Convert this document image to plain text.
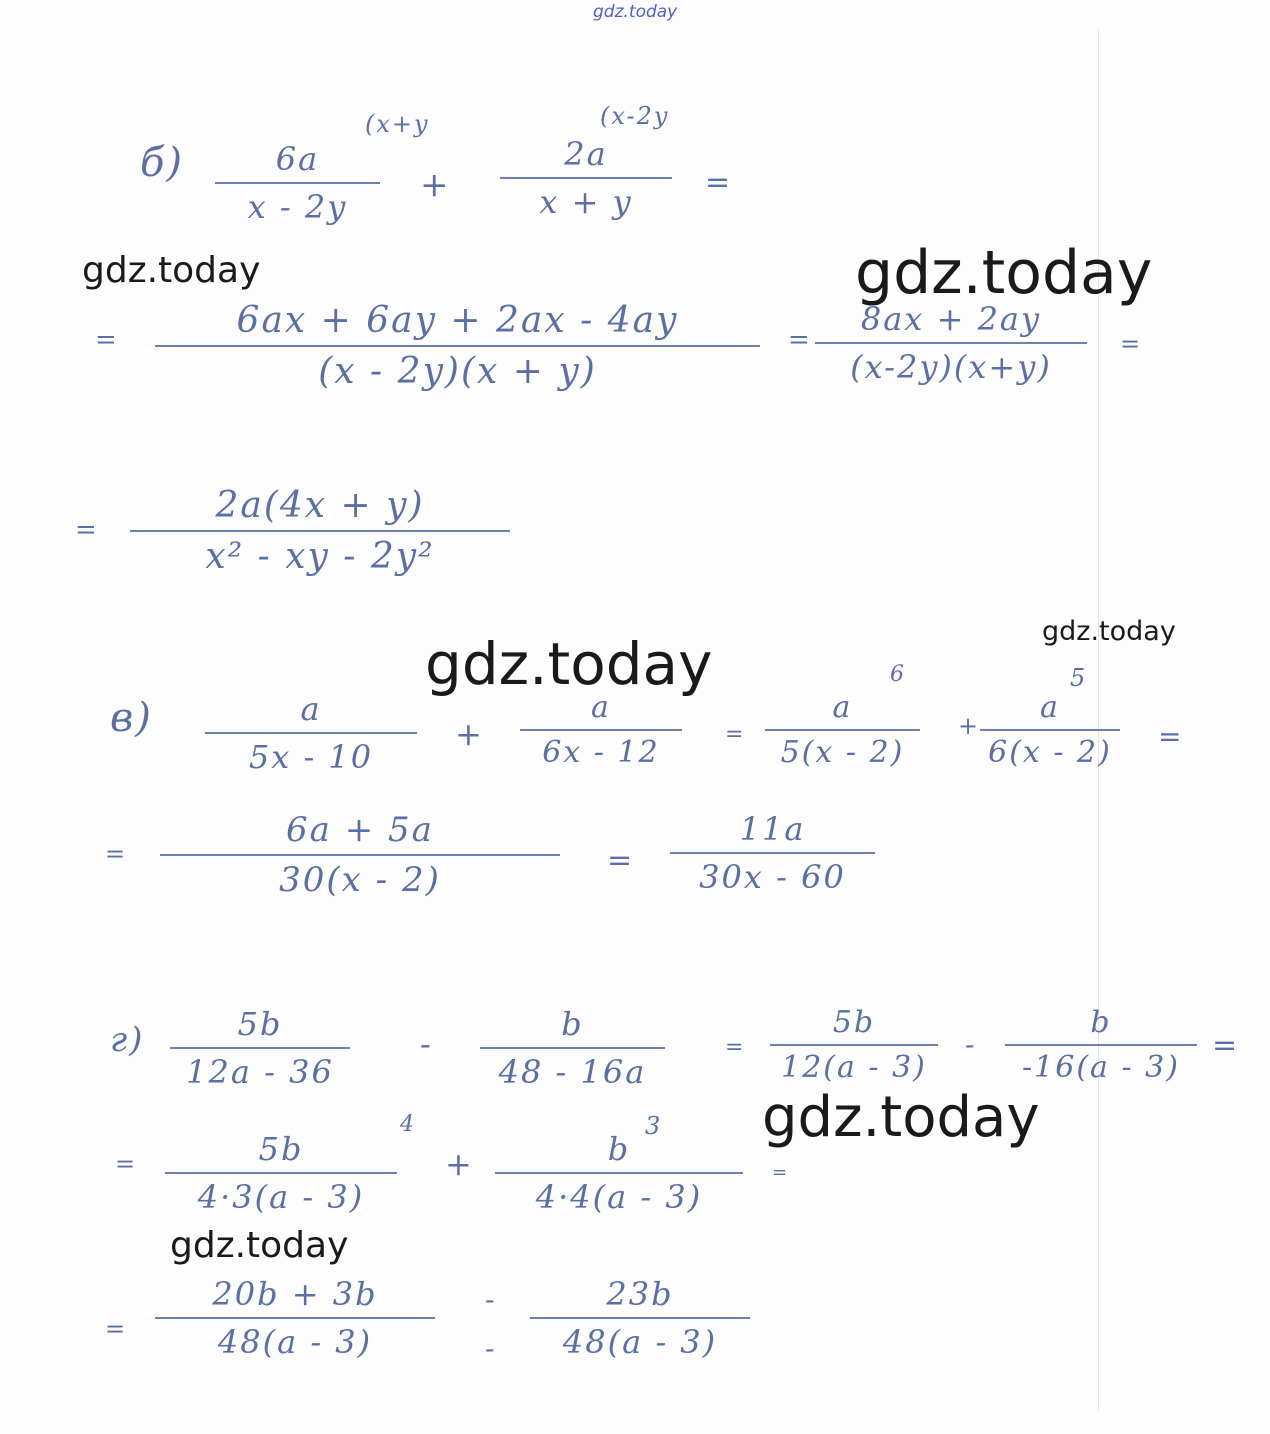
gdz.today
б)
(x+y	(x-2y
6a
x - 2y
+
2a
x + y
=
=	6ax + 6ay + 2ax - 4ay
(x - 2y)(x + y)
=
8ax + 2ay
(x-2y)(x+y)
=
=
2a(4x + y)
x² - xy - 2y²
в)	a
5x - 10
+
a
6x - 12
=
a
5(x - 2)
6
+
a
6(x - 2)
5
=
=
6a + 5a
30(x - 2)	=
11a
30x - 60
г)	5b
12a - 36
-
b
48 - 16a
=
5b
12(a - 3)
-
b
-16(a - 3)
=
=	5b
4·3(a - 3)
4
+	b
4·4(a - 3)
3
=
=
20b + 3b
48(a - 3)
-
-
23b
48(a - 3)
gdz.today	gdz.today
gdz.today
gdz.today
gdz.today
gdz.today
